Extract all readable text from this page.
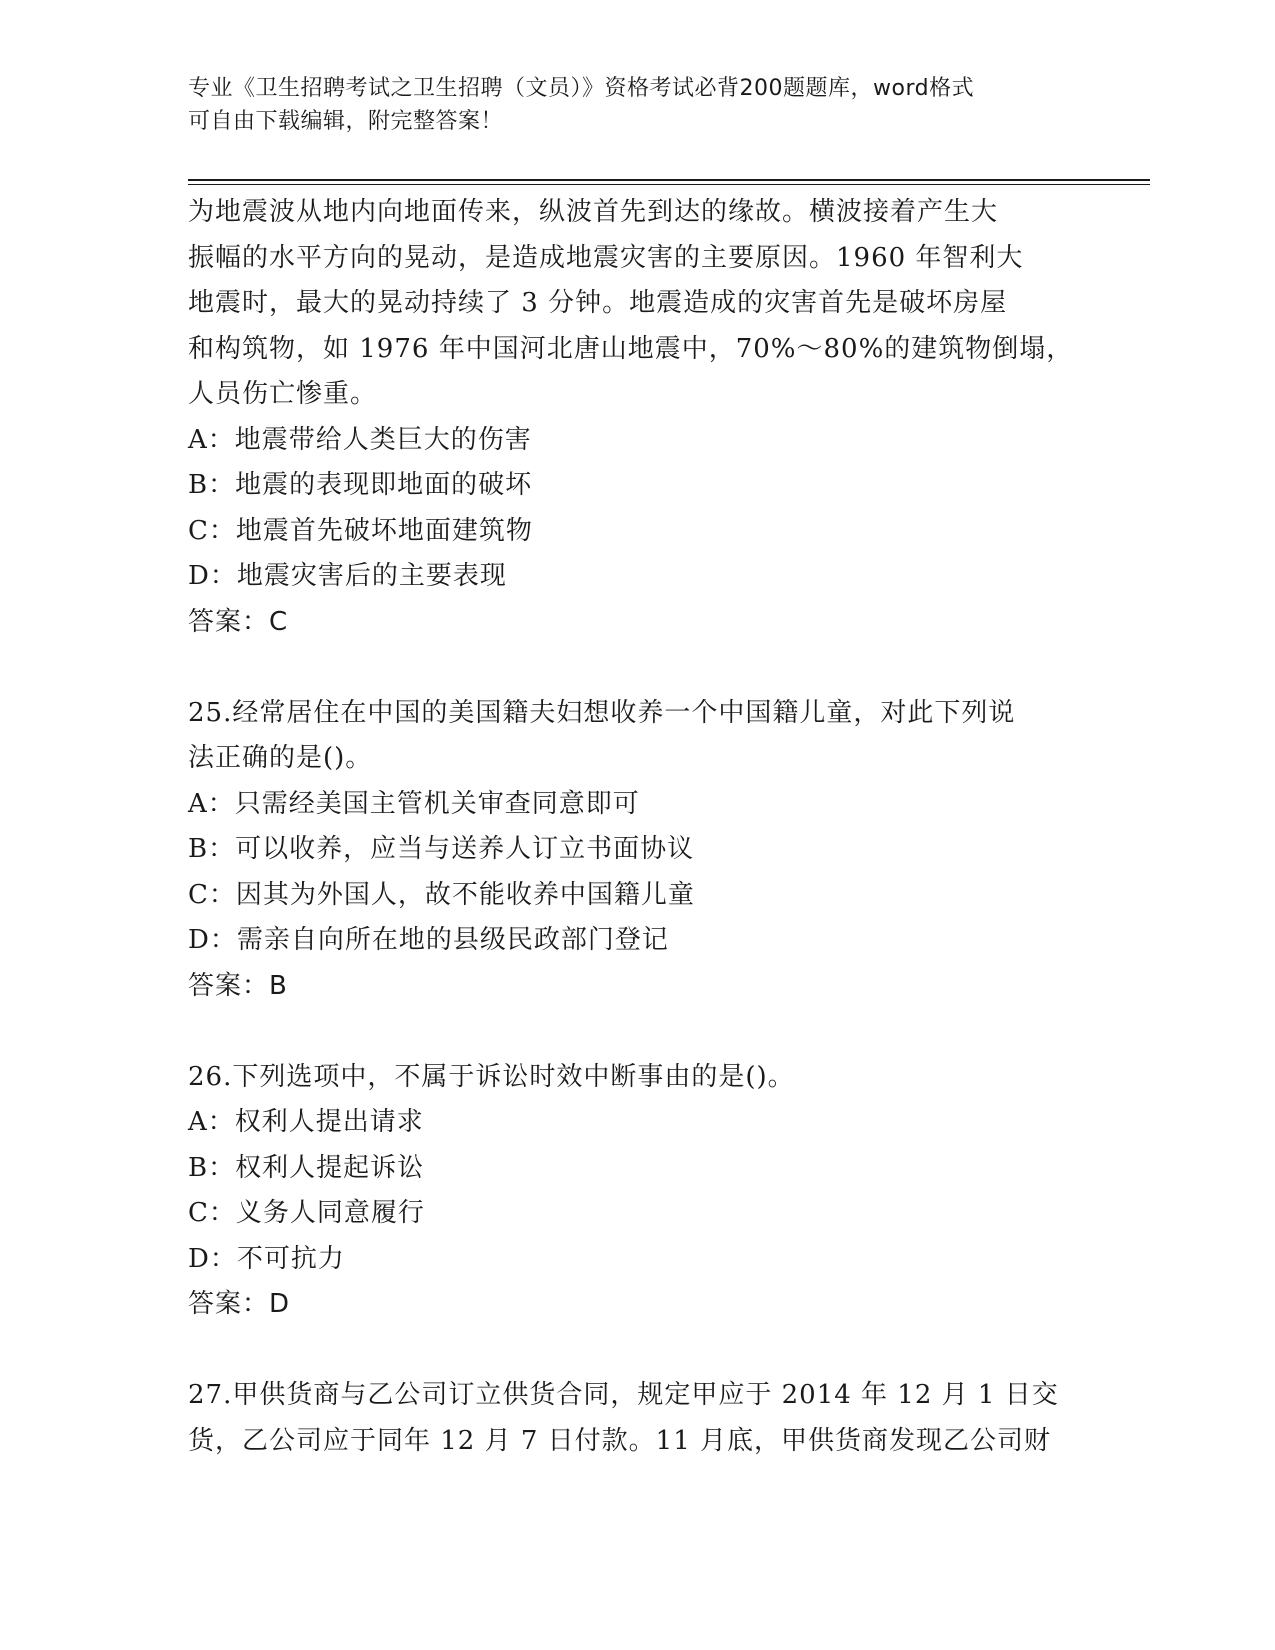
专业《卫生招聘考试之卫生招聘（文员）》资格考试必背200题题库，word格式
可自由下载编辑，附完整答案！

为地震波从地内向地面传来，纵波首先到达的缘故。横波接着产生大

振幅的水平方向的晃动，是造成地震灾害的主要原因。1960 年智利大

地震时，最大的晃动持续了 3 分钟。地震造成的灾害首先是破坏房屋

和构筑物，如 1976 年中国河北唐山地震中，70%～80%的建筑物倒塌，

人员伤亡惨重。

A：地震带给人类巨大的伤害

B：地震的表现即地面的破坏

C：地震首先破坏地面建筑物

D：地震灾害后的主要表现

答案：C

25.经常居住在中国的美国籍夫妇想收养一个中国籍儿童，对此下列说

法正确的是()。

A：只需经美国主管机关审查同意即可

B：可以收养，应当与送养人订立书面协议

C：因其为外国人，故不能收养中国籍儿童

D：需亲自向所在地的县级民政部门登记

答案：B

26.下列选项中，不属于诉讼时效中断事由的是()。

A：权利人提出请求

B：权利人提起诉讼

C：义务人同意履行

D：不可抗力

答案：D

27.甲供货商与乙公司订立供货合同，规定甲应于 2014 年 12 月 1 日交

货，乙公司应于同年 12 月 7 日付款。11 月底，甲供货商发现乙公司财
